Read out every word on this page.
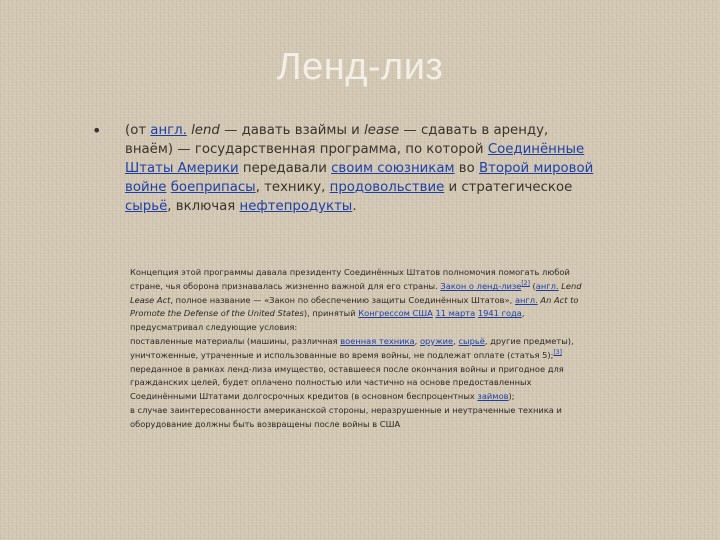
Ленд-лиз
• (от англ. lend — давать взаймы и lease — сдавать в аренду, внаём) — государственная программа, по которой Соединённые Штаты Америки передавали своим союзникам во Второй мировой войне боеприпасы, технику, продовольствие и стратегическое сырьё, включая нефтепродукты.

Концепция этой программы давала президенту Соединённых Штатов полномочия помогать любой стране, чья оборона признавалась жизненно важной для его страны. Закон о ленд-лизе[2] (англ. Lend Lease Act, полное название — «Закон по обеспечению защиты Соединённых Штатов», англ. An Act to Promote the Defense of the United States), принятый Конгрессом США 11 марта 1941 года, предусматривал следующие условия:

поставленные материалы (машины, различная военная техника, оружие, сырьё, другие предметы), уничтоженные, утраченные и использованные во время войны, не подлежат оплате (статья 5);[3]

переданное в рамках ленд-лиза имущество, оставшееся после окончания войны и пригодное для гражданских целей, будет оплачено полностью или частично на основе предоставленных Соединёнными Штатами долгосрочных кредитов (в основном беспроцентных займов);

в случае заинтересованности американской стороны, неразрушенные и неутраченные техника и оборудование должны быть возвращены после войны в США
